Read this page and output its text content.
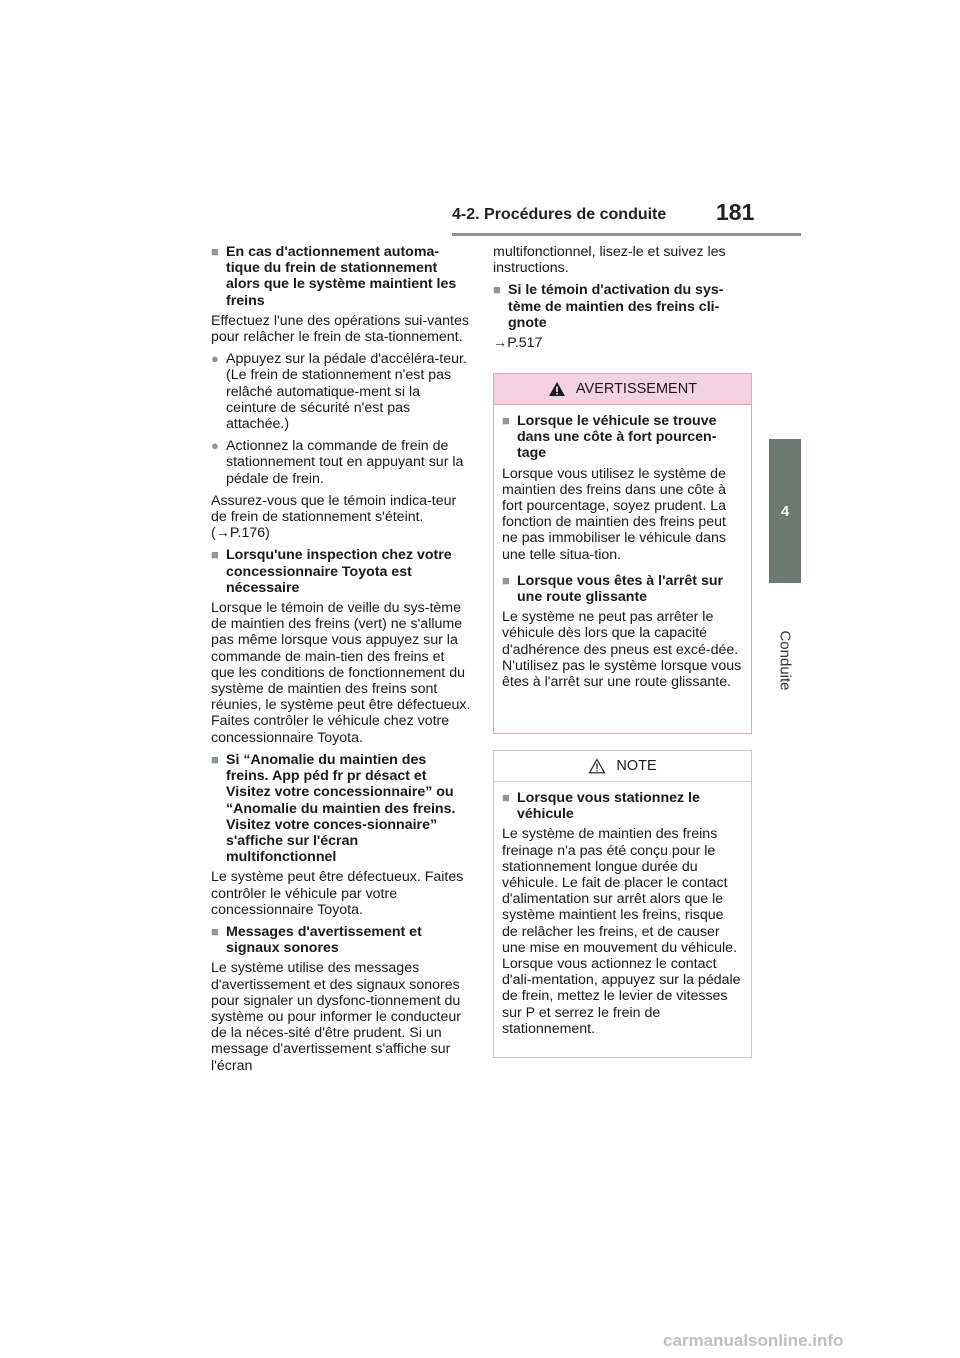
4-2. Procédures de conduite 181
4
Conduite
■ En cas d'actionnement automa-tique du frein de stationnement alors que le système maintient les freins
Effectuez l'une des opérations sui-vantes pour relâcher le frein de sta-tionnement.
● Appuyez sur la pédale d'accéléra-teur. (Le frein de stationnement n'est pas relâché automatique-ment si la ceinture de sécurité n'est pas attachée.)
● Actionnez la commande de frein de stationnement tout en appuyant sur la pédale de frein.
Assurez-vous que le témoin indica-teur de frein de stationnement s'éteint. (→P.176)
■ Lorsqu'une inspection chez votre concessionnaire Toyota est nécessaire
Lorsque le témoin de veille du sys-tème de maintien des freins (vert) ne s'allume pas même lorsque vous appuyez sur la commande de main-tien des freins et que les conditions de fonctionnement du système de maintien des freins sont réunies, le système peut être défectueux. Faites contrôler le véhicule chez votre concessionnaire Toyota.
■ Si “Anomalie du maintien des freins. App péd fr pr désact et Visitez votre concessionnaire” ou “Anomalie du maintien des freins. Visitez votre conces-sionnaire” s'affiche sur l'écran multifonctionnel
Le système peut être défectueux. Faites contrôler le véhicule par votre concessionnaire Toyota.
■ Messages d'avertissement et signaux sonores
Le système utilise des messages d'avertissement et des signaux sonores pour signaler un dysfonc-tionnement du système ou pour informer le conducteur de la néces-sité d'être prudent. Si un message d'avertissement s'affiche sur l'écran
multifonctionnel, lisez-le et suivez les instructions.
■ Si le témoin d'activation du sys-tème de maintien des freins cli-gnote
→P.517
AVERTISSEMENT
■ Lorsque le véhicule se trouve dans une côte à fort pourcen-tage
Lorsque vous utilisez le système de maintien des freins dans une côte à fort pourcentage, soyez prudent. La fonction de maintien des freins peut ne pas immobiliser le véhicule dans une telle situa-tion.
■ Lorsque vous êtes à l'arrêt sur une route glissante
Le système ne peut pas arrêter le véhicule dès lors que la capacité d'adhérence des pneus est excé-dée. N'utilisez pas le système lorsque vous êtes à l'arrêt sur une route glissante.
NOTE
■ Lorsque vous stationnez le véhicule
Le système de maintien des freins freinage n'a pas été conçu pour le stationnement longue durée du véhicule. Le fait de placer le contact d'alimentation sur arrêt alors que le système maintient les freins, risque de relâcher les freins, et de causer une mise en mouvement du véhicule. Lorsque vous actionnez le contact d'ali-mentation, appuyez sur la pédale de frein, mettez le levier de vitesses sur P et serrez le frein de stationnement.
carmanualsonline.info
